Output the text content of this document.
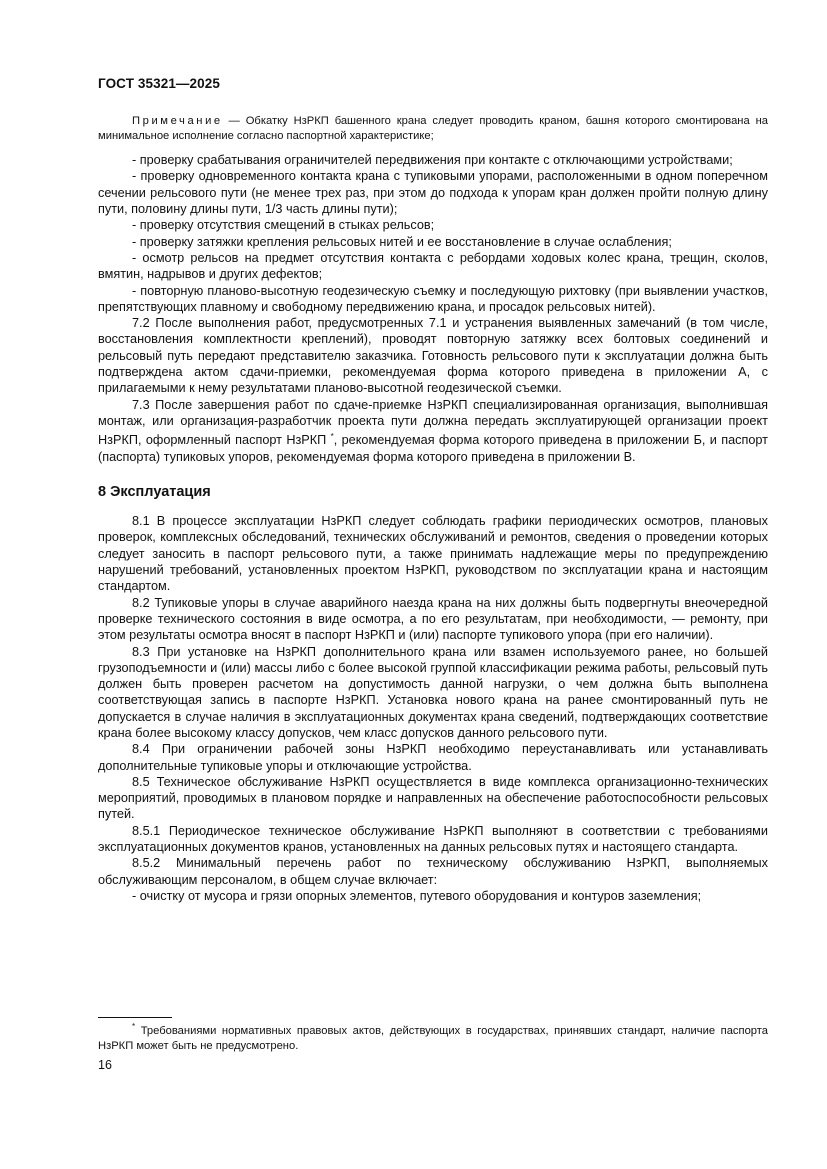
ГОСТ 35321—2025

Примечание — Обкатку НзРКП башенного крана следует проводить краном, башня которого смонтирована на минимальное исполнение согласно паспортной характеристике;

- проверку срабатывания ограничителей передвижения при контакте с отключающими устройствами;

- проверку одновременного контакта крана с тупиковыми упорами, расположенными в одном поперечном сечении рельсового пути (не менее трех раз, при этом до подхода к упорам кран должен пройти полную длину пути, половину длины пути, 1/3 часть длины пути);

- проверку отсутствия смещений в стыках рельсов;

- проверку затяжки крепления рельсовых нитей и ее восстановление в случае ослабления;

- осмотр рельсов на предмет отсутствия контакта с ребордами ходовых колес крана, трещин, сколов, вмятин, надрывов и других дефектов;

- повторную планово-высотную геодезическую съемку и последующую рихтовку (при выявлении участков, препятствующих плавному и свободному передвижению крана, и просадок рельсовых нитей).

7.2 После выполнения работ, предусмотренных 7.1 и устранения выявленных замечаний (в том числе, восстановления комплектности креплений), проводят повторную затяжку всех болтовых соединений и рельсовый путь передают представителю заказчика. Готовность рельсового пути к эксплуатации должна быть подтверждена актом сдачи-приемки, рекомендуемая форма которого приведена в приложении А, с прилагаемыми к нему результатами планово-высотной геодезической съемки.

7.3 После завершения работ по сдаче-приемке НзРКП специализированная организация, выполнившая монтаж, или организация-разработчик проекта пути должна передать эксплуатирующей организации проект НзРКП, оформленный паспорт НзРКП *, рекомендуемая форма которого приведена в приложении Б, и паспорт (паспорта) тупиковых упоров, рекомендуемая форма которого приведена в приложении В.

8 Эксплуатация

8.1 В процессе эксплуатации НзРКП следует соблюдать графики периодических осмотров, плановых проверок, комплексных обследований, технических обслуживаний и ремонтов, сведения о проведении которых следует заносить в паспорт рельсового пути, а также принимать надлежащие меры по предупреждению нарушений требований, установленных проектом НзРКП, руководством по эксплуатации крана и настоящим стандартом.

8.2 Тупиковые упоры в случае аварийного наезда крана на них должны быть подвергнуты внеочередной проверке технического состояния в виде осмотра, а по его результатам, при необходимости, — ремонту, при этом результаты осмотра вносят в паспорт НзРКП и (или) паспорте тупикового упора (при его наличии).

8.3 При установке на НзРКП дополнительного крана или взамен используемого ранее, но большей грузоподъемности и (или) массы либо с более высокой группой классификации режима работы, рельсовый путь должен быть проверен расчетом на допустимость данной нагрузки, о чем должна быть выполнена соответствующая запись в паспорте НзРКП. Установка нового крана на ранее смонтированный путь не допускается в случае наличия в эксплуатационных документах крана сведений, подтверждающих соответствие крана более высокому классу допусков, чем класс допусков данного рельсового пути.

8.4 При ограничении рабочей зоны НзРКП необходимо переустанавливать или устанавливать дополнительные тупиковые упоры и отключающие устройства.

8.5 Техническое обслуживание НзРКП осуществляется в виде комплекса организационно-технических мероприятий, проводимых в плановом порядке и направленных на обеспечение работоспособности рельсовых путей.

8.5.1 Периодическое техническое обслуживание НзРКП выполняют в соответствии с требованиями эксплуатационных документов кранов, установленных на данных рельсовых путях и настоящего стандарта.

8.5.2 Минимальный перечень работ по техническому обслуживанию НзРКП, выполняемых обслуживающим персоналом, в общем случае включает:

- очистку от мусора и грязи опорных элементов, путевого оборудования и контуров заземления;

* Требованиями нормативных правовых актов, действующих в государствах, принявших стандарт, наличие паспорта НзРКП может быть не предусмотрено.
16
